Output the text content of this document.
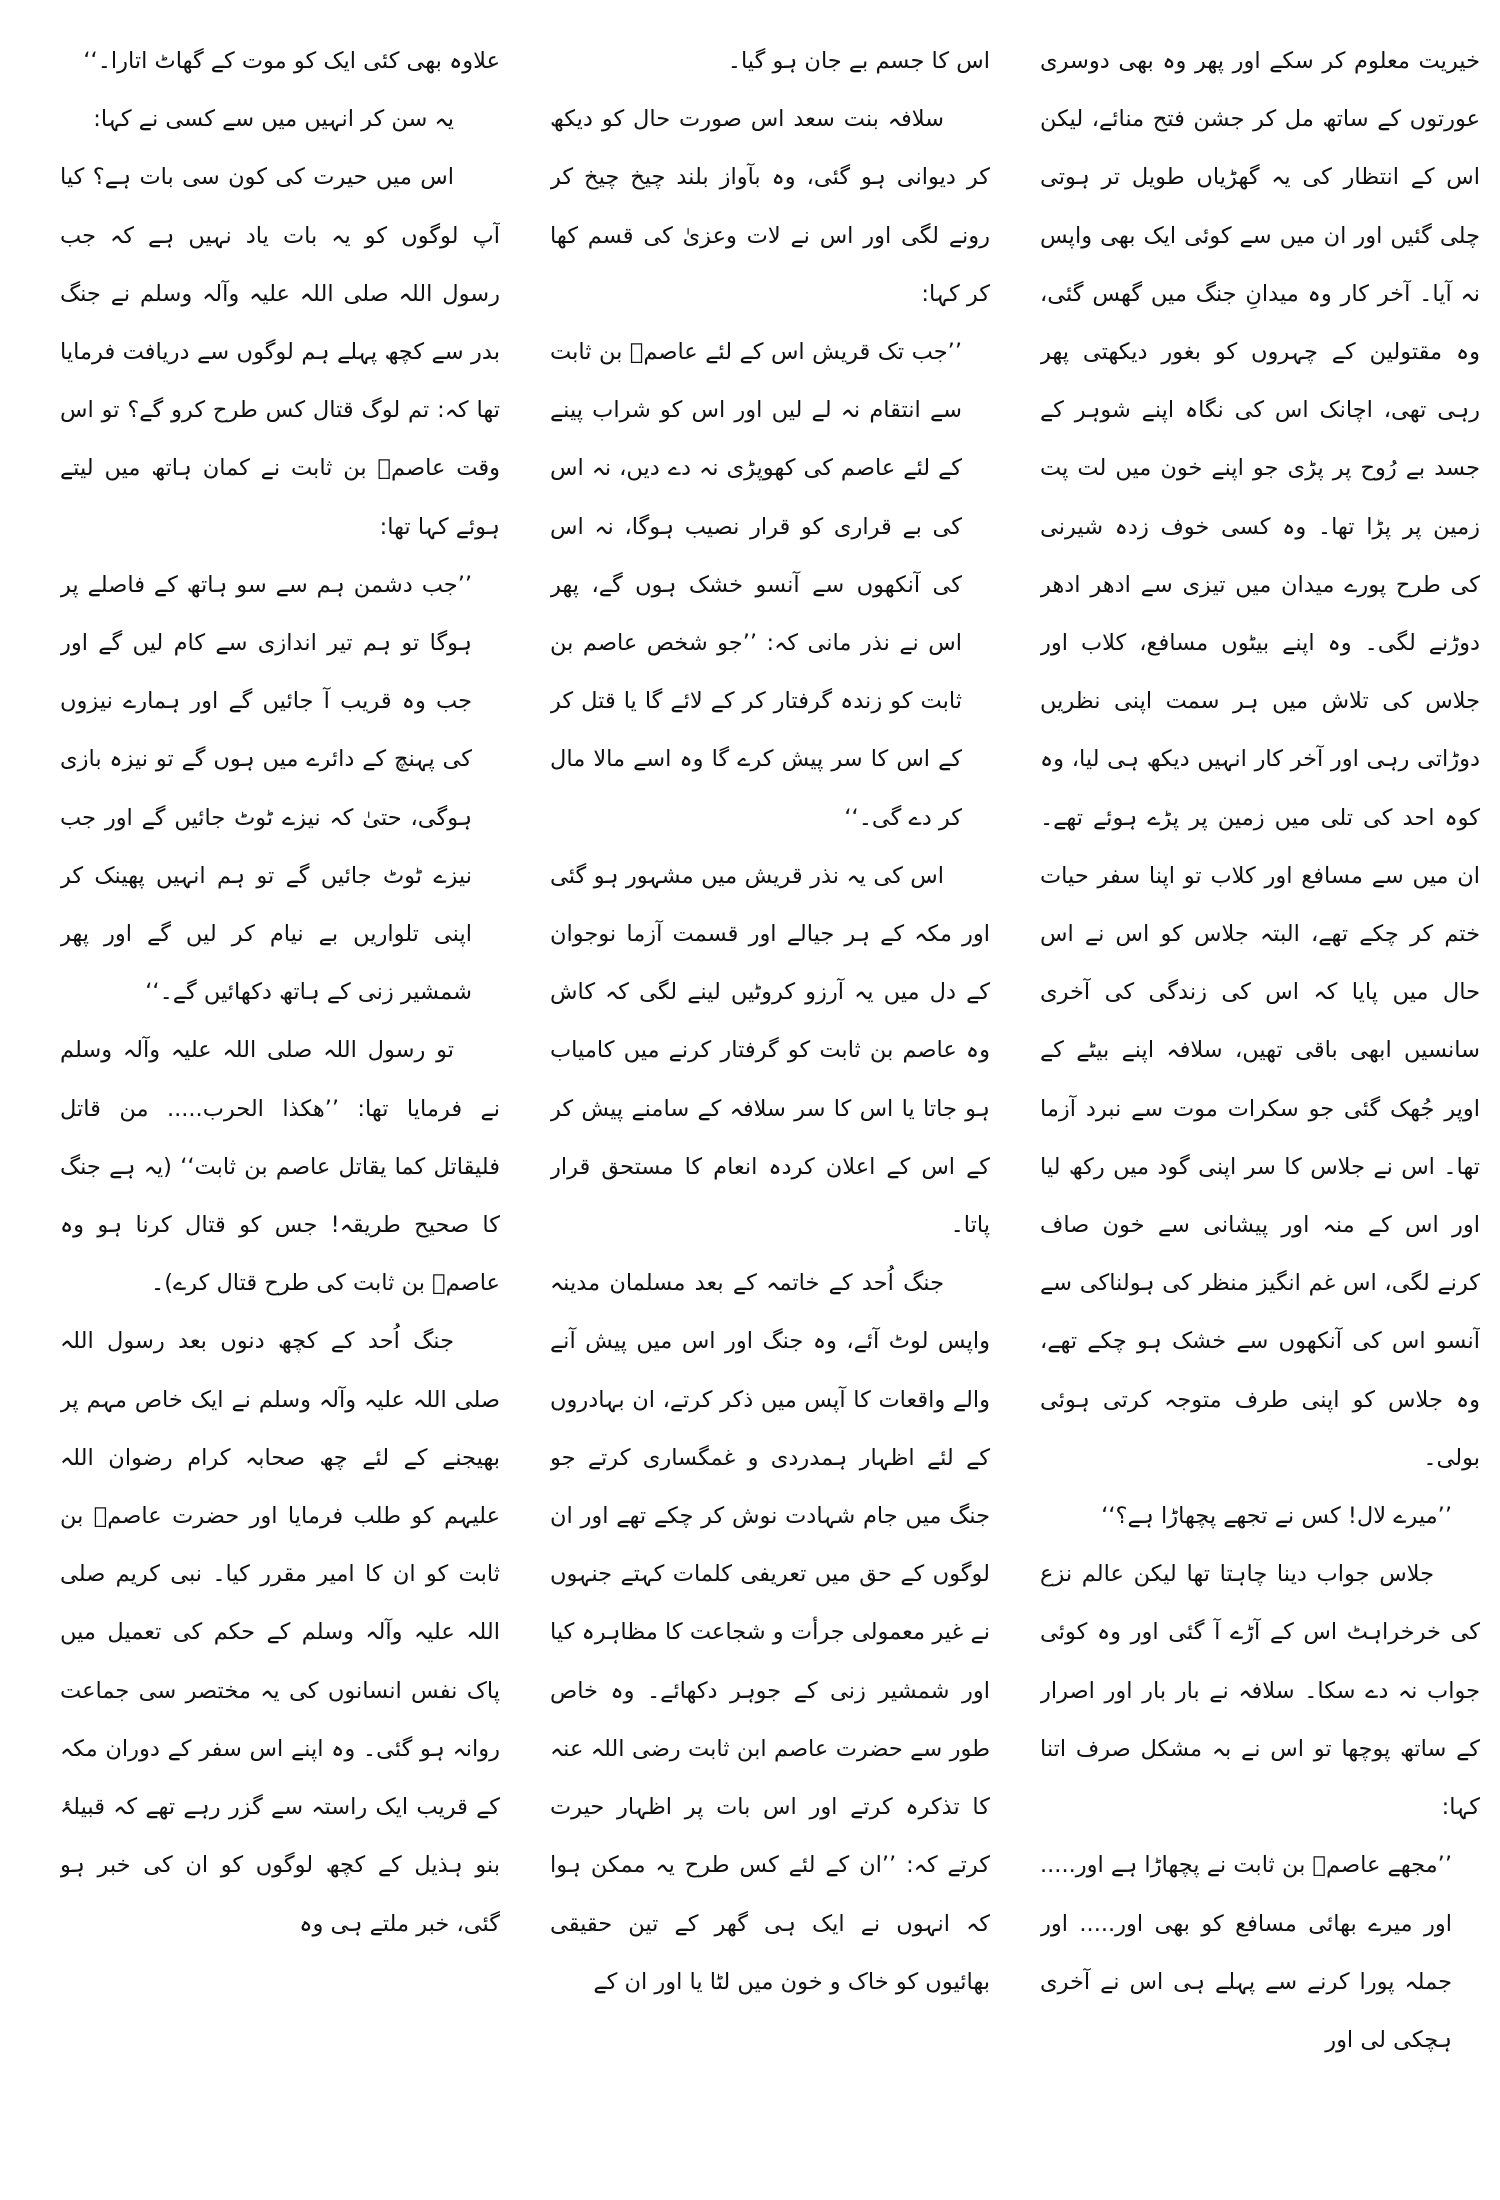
خیریت معلوم کر سکے اور پھر وہ بھی دوسری عورتوں کے ساتھ مل کر جشن فتح منائے، لیکن اس کے انتظار کی یہ گھڑیاں طویل تر ہوتی چلی گئیں اور ان میں سے کوئی ایک بھی واپس نہ آیا۔ آخر کار وہ میدانِ جنگ میں گھس گئی، وہ مقتولین کے چہروں کو بغور دیکھتی پھر رہی تھی، اچانک اس کی نگاہ اپنے شوہر کے جسد بے رُوح پر پڑی جو اپنے خون میں لت پت زمین پر پڑا تھا۔ وہ کسی خوف زدہ شیرنی کی طرح پورے میدان میں تیزی سے ادھر ادھر دوڑنے لگی۔ وہ اپنے بیٹوں مسافع، کلاب اور جلاس کی تلاش میں ہر سمت اپنی نظریں دوڑاتی رہی اور آخر کار انہیں دیکھ ہی لیا، وہ کوہ احد کی تلی میں زمین پر پڑے ہوئے تھے۔ ان میں سے مسافع اور کلاب تو اپنا سفر حیات ختم کر چکے تھے، البتہ جلاس کو اس نے اس حال میں پایا کہ اس کی زندگی کی آخری سانسیں ابھی باقی تھیں، سلافہ اپنے بیٹے کے اوپر جُھک گئی جو سکرات موت سے نبرد آزما تھا۔ اس نے جلاس کا سر اپنی گود میں رکھ لیا اور اس کے منہ اور پیشانی سے خون صاف کرنے لگی، اس غم انگیز منظر کی ہولناکی سے آنسو اس کی آنکھوں سے خشک ہو چکے تھے، وہ جلاس کو اپنی طرف متوجہ کرتی ہوئی بولی۔

’’میرے لال! کس نے تجھے پچھاڑا ہے؟‘‘

جلاس جواب دینا چاہتا تھا لیکن عالم نزع کی خرخراہٹ اس کے آڑے آ گئی اور وہ کوئی جواب نہ دے سکا۔ سلافہ نے بار بار اور اصرار کے ساتھ پوچھا تو اس نے بہ مشکل صرف اتنا کہا:

’’مجھے عاصمؓ بن ثابت نے پچھاڑا ہے اور..... اور میرے بھائی مسافع کو بھی اور..... اور جملہ پورا کرنے سے پہلے ہی اس نے آخری ہچکی لی اور

اس کا جسم بے جان ہو گیا۔

سلافہ بنت سعد اس صورت حال کو دیکھ کر دیوانی ہو گئی، وہ بآواز بلند چیخ چیخ کر رونے لگی اور اس نے لات وعزیٰ کی قسم کھا کر کہا:

’’جب تک قریش اس کے لئے عاصمؓ بن ثابت سے انتقام نہ لے لیں اور اس کو شراب پینے کے لئے عاصم کی کھوپڑی نہ دے دیں، نہ اس کی بے قراری کو قرار نصیب ہوگا، نہ اس کی آنکھوں سے آنسو خشک ہوں گے، پھر اس نے نذر مانی کہ: ’’جو شخص عاصم بن ثابت کو زندہ گرفتار کر کے لائے گا یا قتل کر کے اس کا سر پیش کرے گا وہ اسے مالا مال کر دے گی۔‘‘

اس کی یہ نذر قریش میں مشہور ہو گئی اور مکہ کے ہر جیالے اور قسمت آزما نوجوان کے دل میں یہ آرزو کروٹیں لینے لگی کہ کاش وہ عاصم بن ثابت کو گرفتار کرنے میں کامیاب ہو جاتا یا اس کا سر سلافہ کے سامنے پیش کر کے اس کے اعلان کردہ انعام کا مستحق قرار پاتا۔

جنگ اُحد کے خاتمہ کے بعد مسلمان مدینہ واپس لوٹ آئے، وہ جنگ اور اس میں پیش آنے والے واقعات کا آپس میں ذکر کرتے، ان بہادروں کے لئے اظہار ہمدردی و غمگساری کرتے جو جنگ میں جام شہادت نوش کر چکے تھے اور ان لوگوں کے حق میں تعریفی کلمات کہتے جنہوں نے غیر معمولی جرأت و شجاعت کا مظاہرہ کیا اور شمشیر زنی کے جوہر دکھائے۔ وہ خاص طور سے حضرت عاصم ابن ثابت رضی اللہ عنہ کا تذکرہ کرتے اور اس بات پر اظہار حیرت کرتے کہ: ’’ان کے لئے کس طرح یہ ممکن ہوا کہ انہوں نے ایک ہی گھر کے تین حقیقی بھائیوں کو خاک و خون میں لٹا یا اور ان کے

علاوہ بھی کئی ایک کو موت کے گھاٹ اتارا۔‘‘

یہ سن کر انہیں میں سے کسی نے کہا:

اس میں حیرت کی کون سی بات ہے؟ کیا آپ لوگوں کو یہ بات یاد نہیں ہے کہ جب رسول اللہ صلی اللہ علیہ وآلہ وسلم نے جنگ بدر سے کچھ پہلے ہم لوگوں سے دریافت فرمایا تھا کہ: تم لوگ قتال کس طرح کرو گے؟ تو اس وقت عاصمؓ بن ثابت نے کمان ہاتھ میں لیتے ہوئے کہا تھا:

’’جب دشمن ہم سے سو ہاتھ کے فاصلے پر ہوگا تو ہم تیر اندازی سے کام لیں گے اور جب وہ قریب آ جائیں گے اور ہمارے نیزوں کی پہنچ کے دائرے میں ہوں گے تو نیزہ بازی ہوگی، حتیٰ کہ نیزے ٹوٹ جائیں گے اور جب نیزے ٹوٹ جائیں گے تو ہم انہیں پھینک کر اپنی تلواریں بے نیام کر لیں گے اور پھر شمشیر زنی کے ہاتھ دکھائیں گے۔‘‘

تو رسول اللہ صلی اللہ علیہ وآلہ وسلم نے فرمایا تھا: ’’ھکذا الحرب..... من قاتل فلیقاتل کما یقاتل عاصم بن ثابت‘‘ (یہ ہے جنگ کا صحیح طریقہ! جس کو قتال کرنا ہو وہ عاصمؓ بن ثابت کی طرح قتال کرے)۔

جنگ اُحد کے کچھ دنوں بعد رسول اللہ صلی اللہ علیہ وآلہ وسلم نے ایک خاص مہم پر بھیجنے کے لئے چھ صحابہ کرام رضوان اللہ علیہم کو طلب فرمایا اور حضرت عاصمؓ بن ثابت کو ان کا امیر مقرر کیا۔ نبی کریم صلی اللہ علیہ وآلہ وسلم کے حکم کی تعمیل میں پاک نفس انسانوں کی یہ مختصر سی جماعت روانہ ہو گئی۔ وہ اپنے اس سفر کے دوران مکہ کے قریب ایک راستہ سے گزر رہے تھے کہ قبیلۂ بنو ہذیل کے کچھ لوگوں کو ان کی خبر ہو گئی، خبر ملتے ہی وہ
